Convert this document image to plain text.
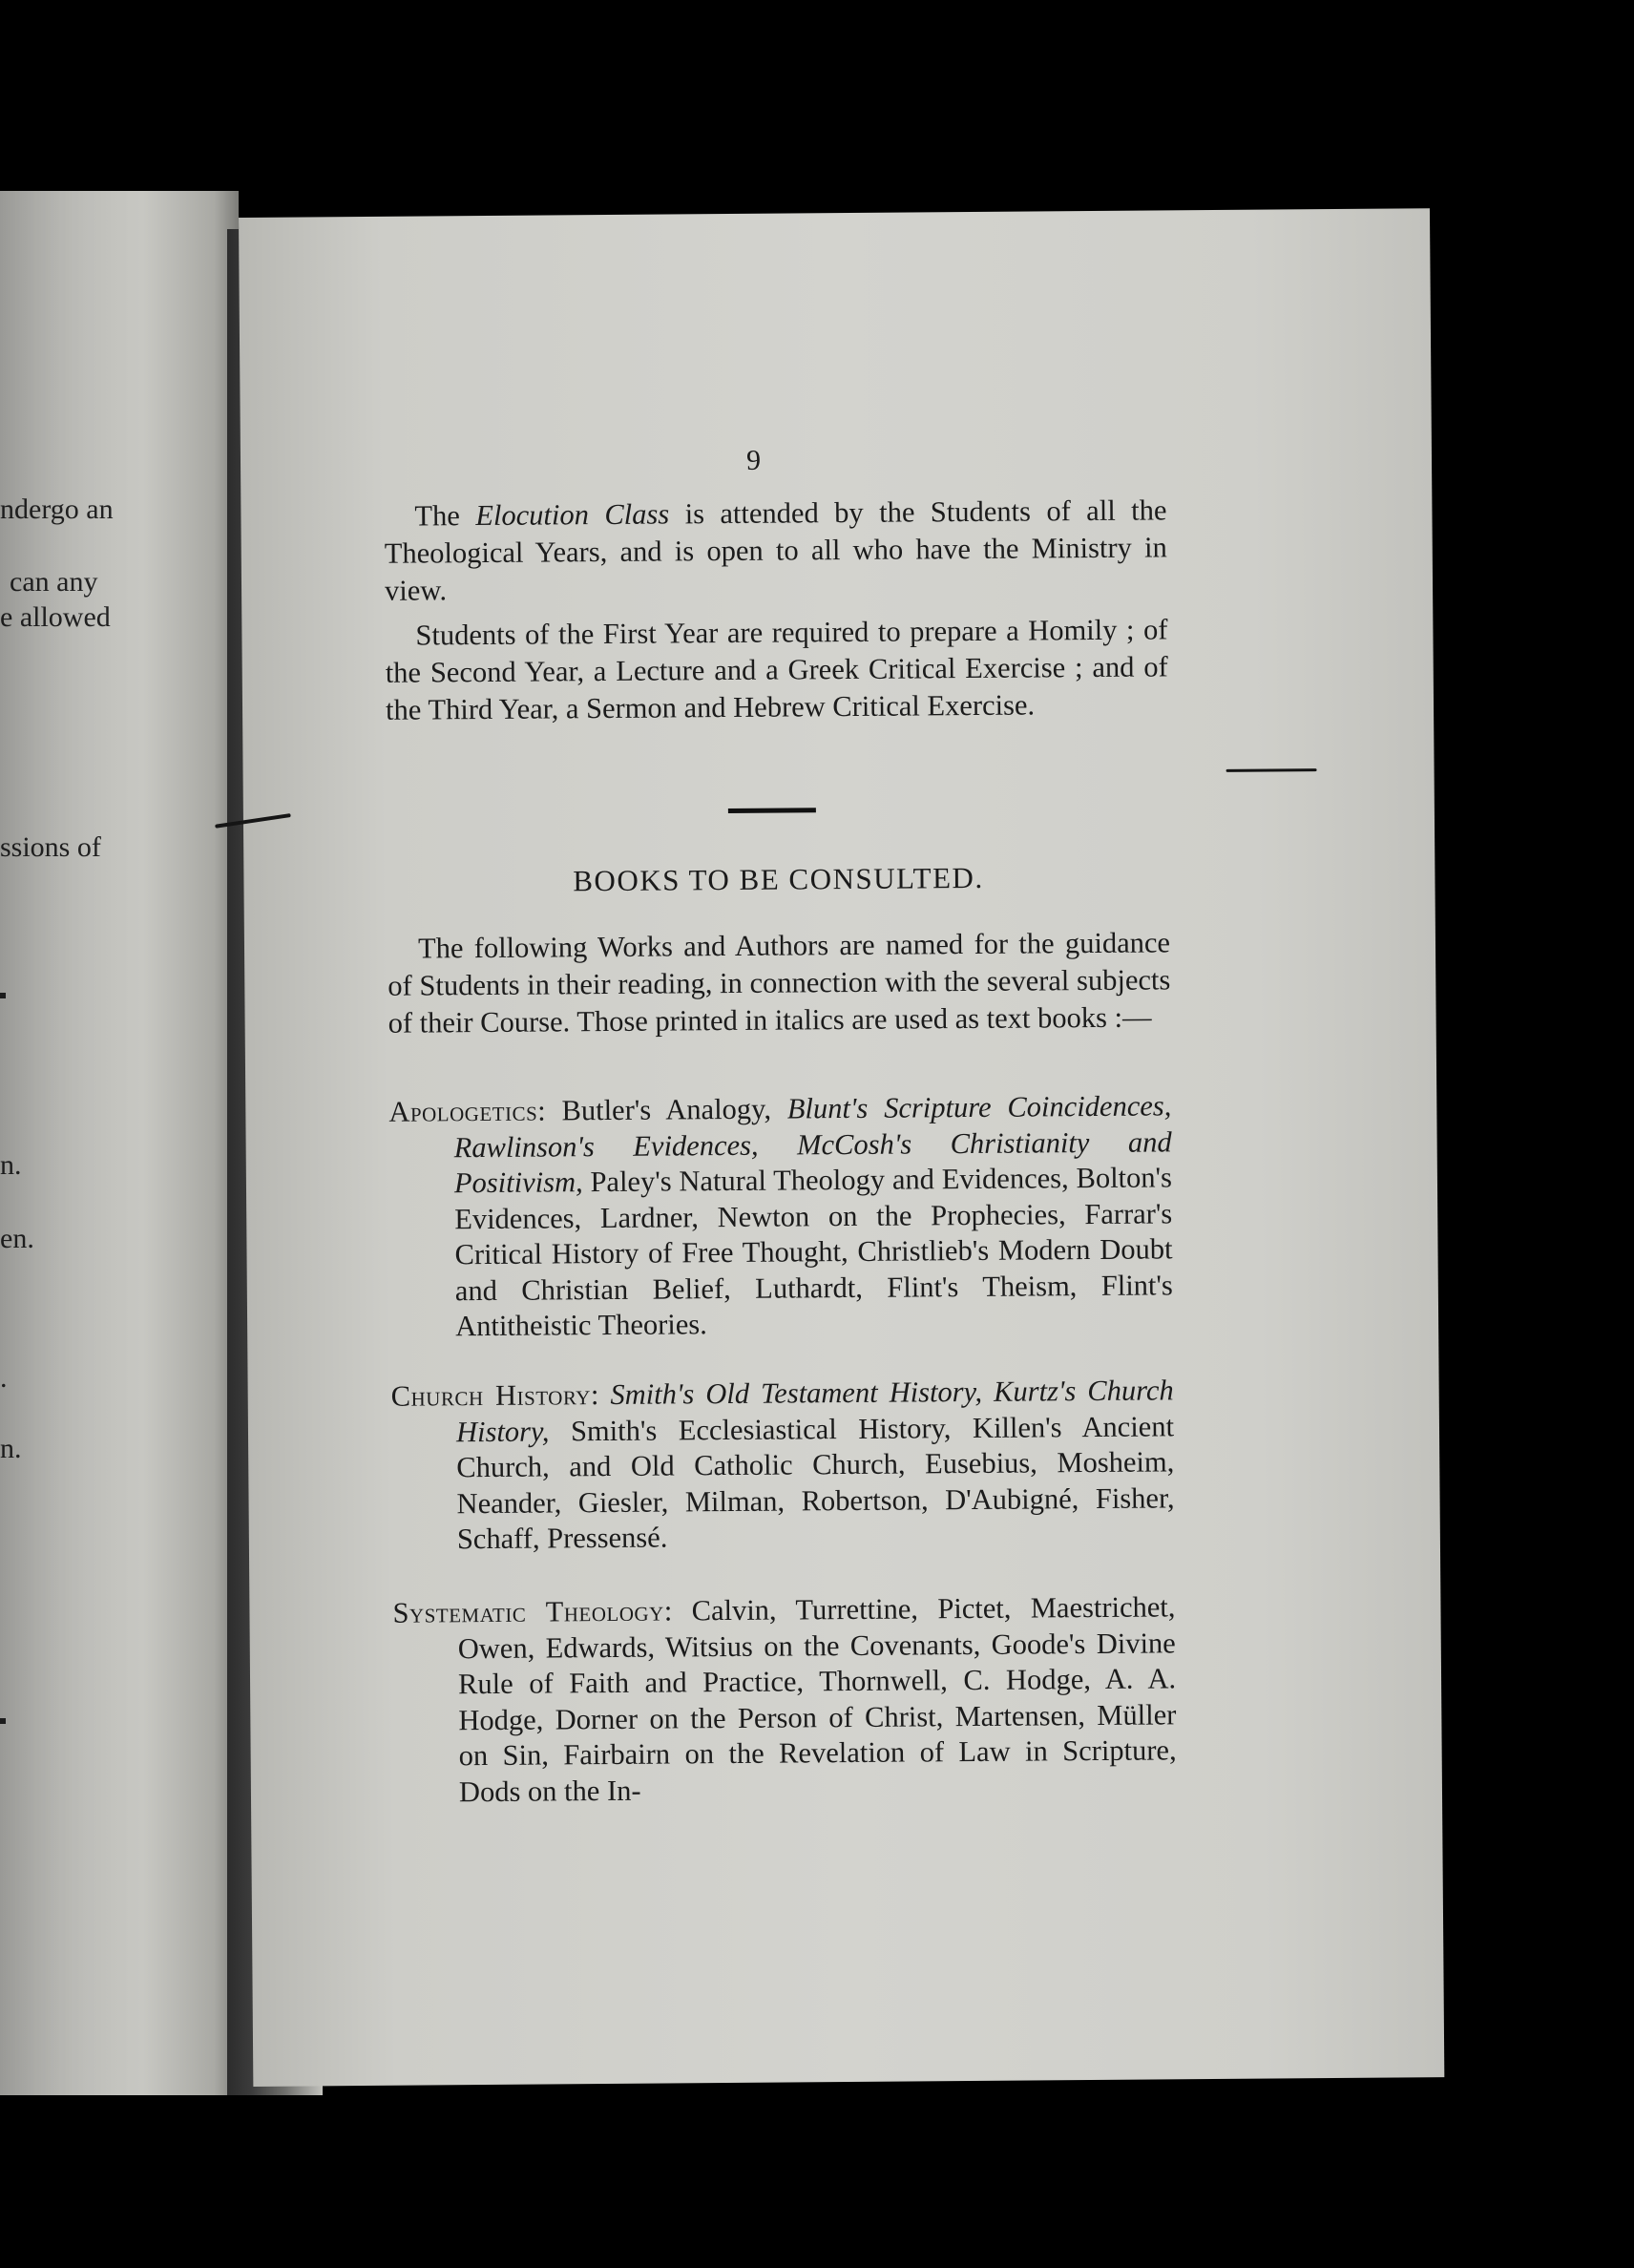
ndergo an
can any
e allowed
ssions of
n.
en.
.
n.
9

The Elocution Class is attended by the Students of all the Theological Years, and is open to all who have the Ministry in view.

Students of the First Year are required to prepare a Homily ; of the Second Year, a Lecture and a Greek Critical Exercise ; and of the Third Year, a Sermon and Hebrew Critical Exercise.

BOOKS TO BE CONSULTED.

The following Works and Authors are named for the guidance of Students in their reading, in connection with the several subjects of their Course. Those printed in italics are used as text books :—

Apologetics: Butler's Analogy, Blunt's Scripture Coincidences, Rawlinson's Evidences, McCosh's Christianity and Positivism, Paley's Natural Theology and Evidences, Bolton's Evidences, Lardner, Newton on the Prophecies, Farrar's Critical History of Free Thought, Christlieb's Modern Doubt and Christian Belief, Luthardt, Flint's Theism, Flint's Antitheistic Theories.

Church History: Smith's Old Testament History, Kurtz's Church History, Smith's Ecclesiastical History, Killen's Ancient Church, and Old Catholic Church, Eusebius, Mosheim, Neander, Giesler, Milman, Robertson, D'Aubigné, Fisher, Schaff, Pressensé.

Systematic Theology: Calvin, Turrettine, Pictet, Maestrichet, Owen, Edwards, Witsius on the Covenants, Goode's Divine Rule of Faith and Practice, Thornwell, C. Hodge, A. A. Hodge, Dorner on the Person of Christ, Martensen, Müller on Sin, Fairbairn on the Revelation of Law in Scripture, Dods on the In-
